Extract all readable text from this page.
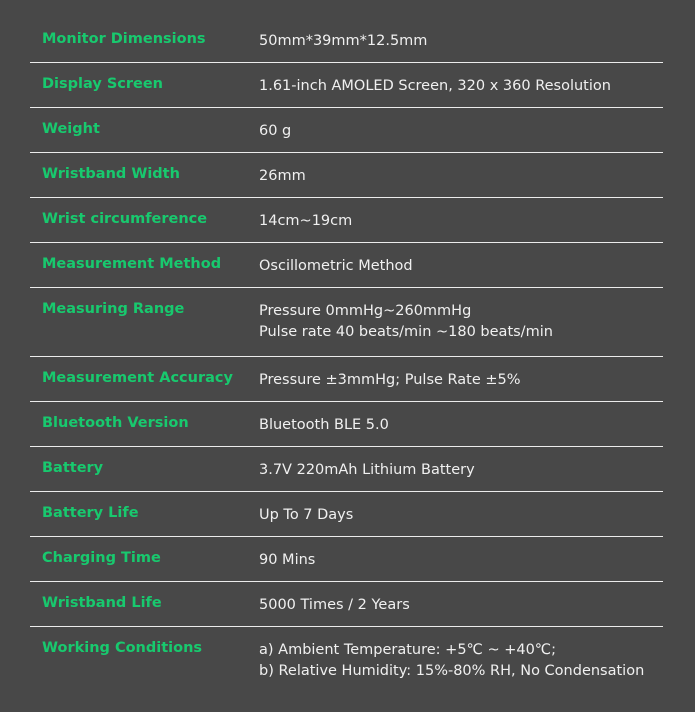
Monitor Dimensions	50mm*39mm*12.5mm
Display Screen	1.61-inch AMOLED Screen, 320 x 360 Resolution
Weight	60 g
Wristband Width	26mm
Wrist circumference	14cm~19cm
Measurement Method	Oscillometric Method
Measuring Range	Pressure 0mmHg~260mmHg
Pulse rate 40 beats/min ~180 beats/min
Measurement Accuracy	Pressure ±3mmHg; Pulse Rate ±5%
Bluetooth Version	Bluetooth BLE 5.0
Battery	3.7V 220mAh Lithium Battery
Battery Life	Up To 7 Days
Charging Time	90 Mins
Wristband Life	5000 Times / 2 Years
Working Conditions	a) Ambient Temperature: +5℃ ~ +40℃;
b) Relative Humidity: 15%-80% RH, No Condensation
